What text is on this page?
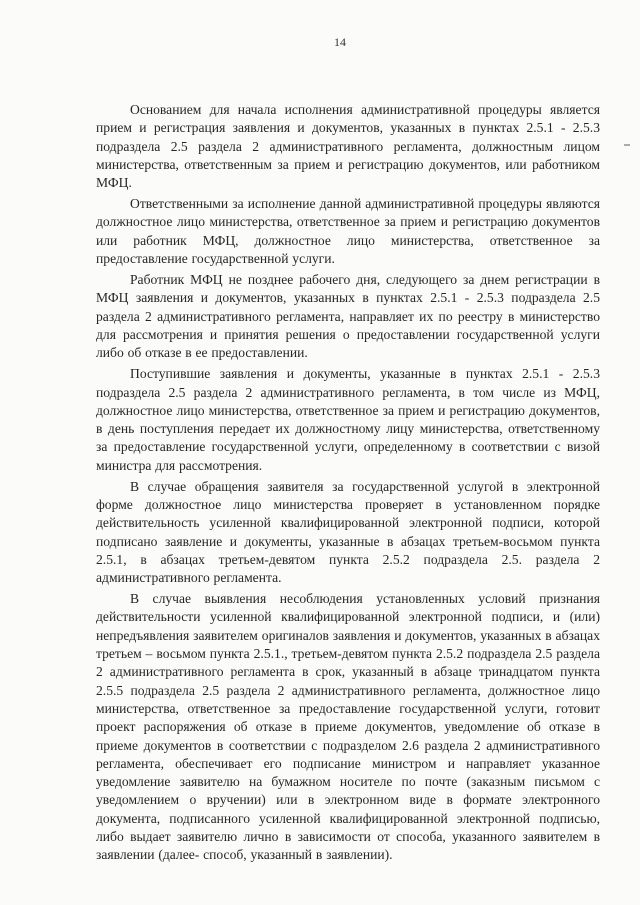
14

Основанием для начала исполнения административной процедуры является прием и регистрация заявления и документов, указанных в пунктах 2.5.1 - 2.5.3 подраздела 2.5 раздела 2 административного регламента, должностным лицом министерства, ответственным за прием и регистрацию документов, или работником МФЦ.

Ответственными за исполнение данной административной процедуры являются должностное лицо министерства, ответственное за прием и регистрацию документов или работник МФЦ, должностное лицо министерства, ответственное за предоставление государственной услуги.

Работник МФЦ не позднее рабочего дня, следующего за днем регистрации в МФЦ заявления и документов, указанных в пунктах 2.5.1 - 2.5.3 подраздела 2.5 раздела 2 административного регламента, направляет их по реестру в министерство для рассмотрения и принятия решения о предоставлении государственной услуги либо об отказе в ее предоставлении.

Поступившие заявления и документы, указанные в пунктах 2.5.1 - 2.5.3 подраздела 2.5 раздела 2 административного регламента, в том числе из МФЦ, должностное лицо министерства, ответственное за прием и регистрацию документов, в день поступления передает их должностному лицу министерства, ответственному за предоставление государственной услуги, определенному в соответствии с визой министра для рассмотрения.

В случае обращения заявителя за государственной услугой в электронной форме должностное лицо министерства проверяет в установленном порядке действительность усиленной квалифицированной электронной подписи, которой подписано заявление и документы, указанные в абзацах третьем-восьмом пункта 2.5.1, в абзацах третьем-девятом пункта 2.5.2 подраздела 2.5. раздела 2 административного регламента.

В случае выявления несоблюдения установленных условий признания действительности усиленной квалифицированной электронной подписи, и (или) непредъявления заявителем оригиналов заявления и документов, указанных в абзацах третьем – восьмом пункта 2.5.1., третьем-девятом пункта 2.5.2 подраздела 2.5 раздела 2 административного регламента в срок, указанный в абзаце тринадцатом пункта 2.5.5 подраздела 2.5 раздела 2 административного регламента, должностное лицо министерства, ответственное за предоставление государственной услуги, готовит проект распоряжения об отказе в приеме документов, уведомление об отказе в приеме документов в соответствии с подразделом 2.6 раздела 2 административного регламента, обеспечивает его подписание министром и направляет указанное уведомление заявителю на бумажном носителе по почте (заказным письмом с уведомлением о вручении) или в электронном виде в формате электронного документа, подписанного усиленной квалифицированной электронной подписью, либо выдает заявителю лично в зависимости от способа, указанного заявителем в заявлении (далее- способ, указанный в заявлении).
